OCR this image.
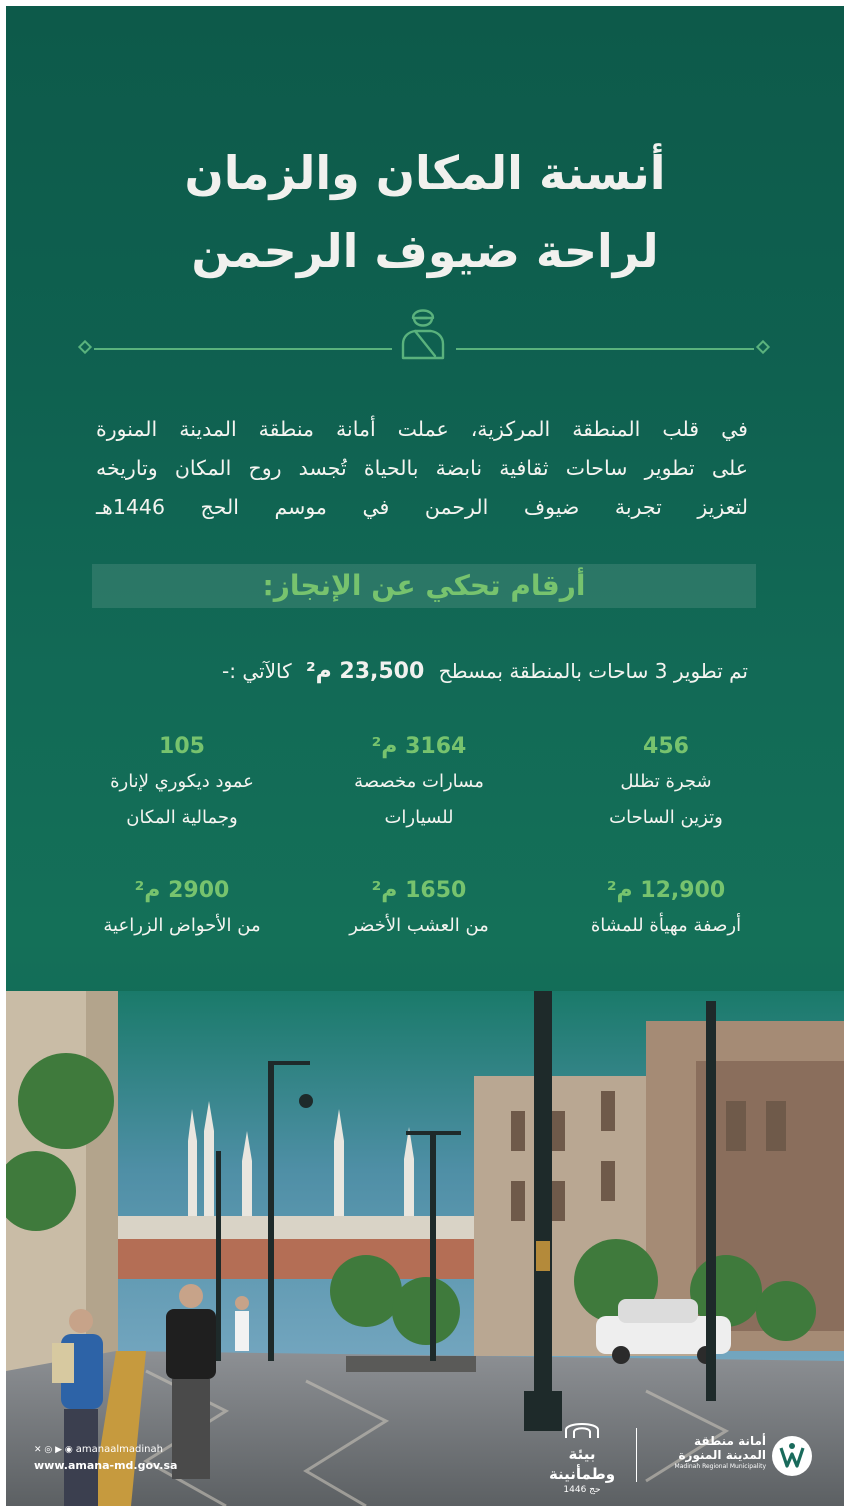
أنسنة المكان والزمان
لراحة ضيوف الرحمن

في قلب المنطقة المركزية، عملت أمانة منطقة المدينة المنورة

على تطوير ساحات ثقافية نابضة بالحياة تُجسد روح المكان وتاريخه

لتعزيز تجربة ضيوف الرحمن في موسم الحج 1446هـ

أرقام تحكي عن الإنجاز:
تم تطوير 3 ساحات بالمنطقة بمسطح 23,500 م² كالآتي :-
456
شجرة تظلل
وتزين الساحات
3164 م²
مسارات مخصصة
للسيارات
105
عمود ديكوري لإنارة
وجمالية المكان
12,900 م²
أرصفة مهيأة للمشاة
1650 م²
من العشب الأخضر
2900 م²
من الأحواض الزراعية
✕ ◎ ▶ ◉ amanaalmadinah
www.amana-md.gov.sa
بيئة وطمأنينة
حج 1446
أمانة منطقة
المدينة المنورة
Madinah Regional Municipality
